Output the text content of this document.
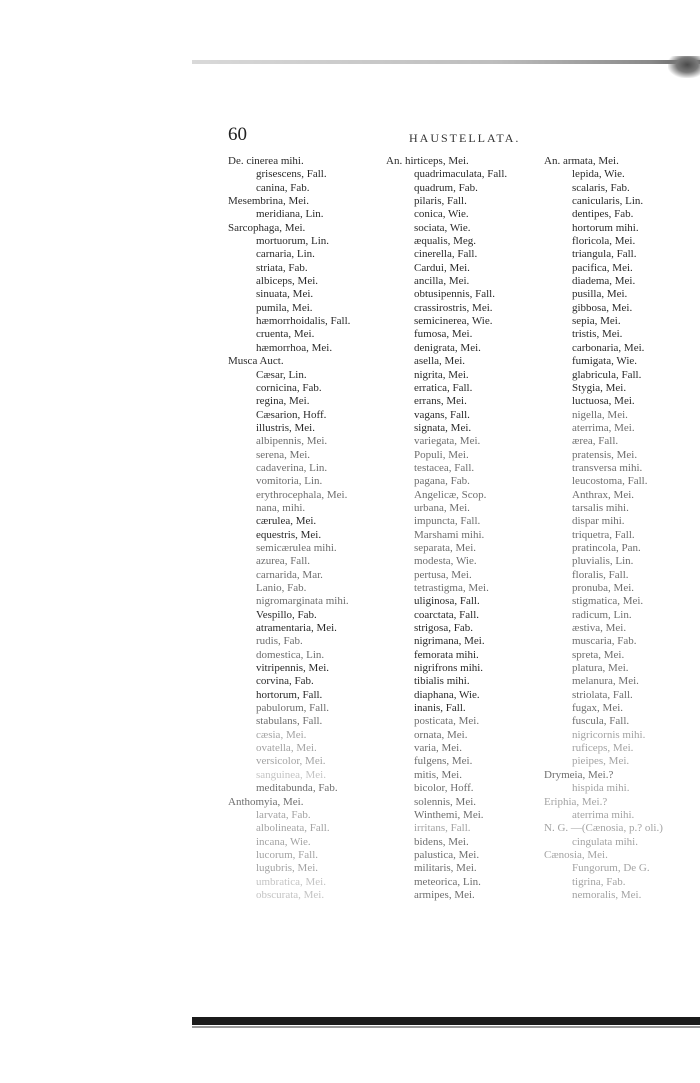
60	HAUSTELLATA.
De. cinerea mihi.
grisescens, Fall.
canina, Fab.
Mesembrina, Mei.
meridiana, Lin.
Sarcophaga, Mei.
mortuorum, Lin.
carnaria, Lin.
striata, Fab.
albiceps, Mei.
sinuata, Mei.
pumila, Mei.
hæmorrhoidalis, Fall.
cruenta, Mei.
hæmorrhoa, Mei.
Musca Auct.
Cæsar, Lin.
cornicina, Fab.
regina, Mei.
Cæsarion, Hoff.
illustris, Mei.
albipennis, Mei.
serena, Mei.
cadaverina, Lin.
vomitoria, Lin.
erythrocephala, Mei.
nana, mihi.
cærulea, Mei.
equestris, Mei.
semicærulea mihi.
azurea, Fall.
carnarida, Mar.
Lanio, Fab.
nigromarginata mihi.
Vespillo, Fab.
atramentaria, Mei.
rudis, Fab.
domestica, Lin.
vitripennis, Mei.
corvina, Fab.
hortorum, Fall.
pabulorum, Fall.
stabulans, Fall.
cæsia, Mei.
ovatella, Mei.
versicolor, Mei.
sanguinea, Mei.
meditabunda, Fab.
Anthomyia, Mei.
larvata, Fab.
albolineata, Fall.
incana, Wie.
lucorum, Fall.
lugubris, Mei.
umbratica, Mei.
obscurata, Mei.
An. hirticeps, Mei.
quadrimaculata, Fall.
quadrum, Fab.
pilaris, Fall.
conica, Wie.
sociata, Wie.
æqualis, Meg.
cinerella, Fall.
Cardui, Mei.
ancilla, Mei.
obtusipennis, Fall.
crassirostris, Mei.
semicinerea, Wie.
fumosa, Mei.
denigrata, Mei.
asella, Mei.
nigrita, Mei.
erratica, Fall.
errans, Mei.
vagans, Fall.
signata, Mei.
variegata, Mei.
Populi, Mei.
testacea, Fall.
pagana, Fab.
Angelicæ, Scop.
urbana, Mei.
impuncta, Fall.
Marshami mihi.
separata, Mei.
modesta, Wie.
pertusa, Mei.
tetrastigma, Mei.
uliginosa, Fall.
coarctata, Fall.
strigosa, Fab.
nigrimana, Mei.
femorata mihi.
nigrifrons mihi.
tibialis mihi.
diaphana, Wie.
inanis, Fall.
posticata, Mei.
ornata, Mei.
varia, Mei.
fulgens, Mei.
mitis, Mei.
bicolor, Hoff.
solennis, Mei.
Winthemi, Mei.
irritans, Fall.
bidens, Mei.
palustica, Mei.
militaris, Mei.
meteorica, Lin.
armipes, Mei.
An. armata, Mei.
lepida, Wie.
scalaris, Fab.
canicularis, Lin.
dentipes, Fab.
hortorum mihi.
floricola, Mei.
triangula, Fall.
pacifica, Mei.
diadema, Mei.
pusilla, Mei.
gibbosa, Mei.
sepia, Mei.
tristis, Mei.
carbonaria, Mei.
fumigata, Wie.
glabricula, Fall.
Stygia, Mei.
luctuosa, Mei.
nigella, Mei.
aterrima, Mei.
ærea, Fall.
pratensis, Mei.
transversa mihi.
leucostoma, Fall.
Anthrax, Mei.
tarsalis mihi.
dispar mihi.
triquetra, Fall.
pratincola, Pan.
pluvialis, Lin.
floralis, Fall.
pronuba, Mei.
stigmatica, Mei.
radicum, Lin.
æstiva, Mei.
muscaria, Fab.
spreta, Mei.
platura, Mei.
melanura, Mei.
striolata, Fall.
fugax, Mei.
fuscula, Fall.
nigricornis mihi.
ruficeps, Mei.
pieipes, Mei.
Drymeia, Mei.?
hispida mihi.
Eriphia, Mei.?
aterrima mihi.
N. G. —(Cænosia, p.? oli.)
cingulata mihi.
Cænosia, Mei.
Fungorum, De G.
tigrina, Fab.
nemoralis, Mei.
